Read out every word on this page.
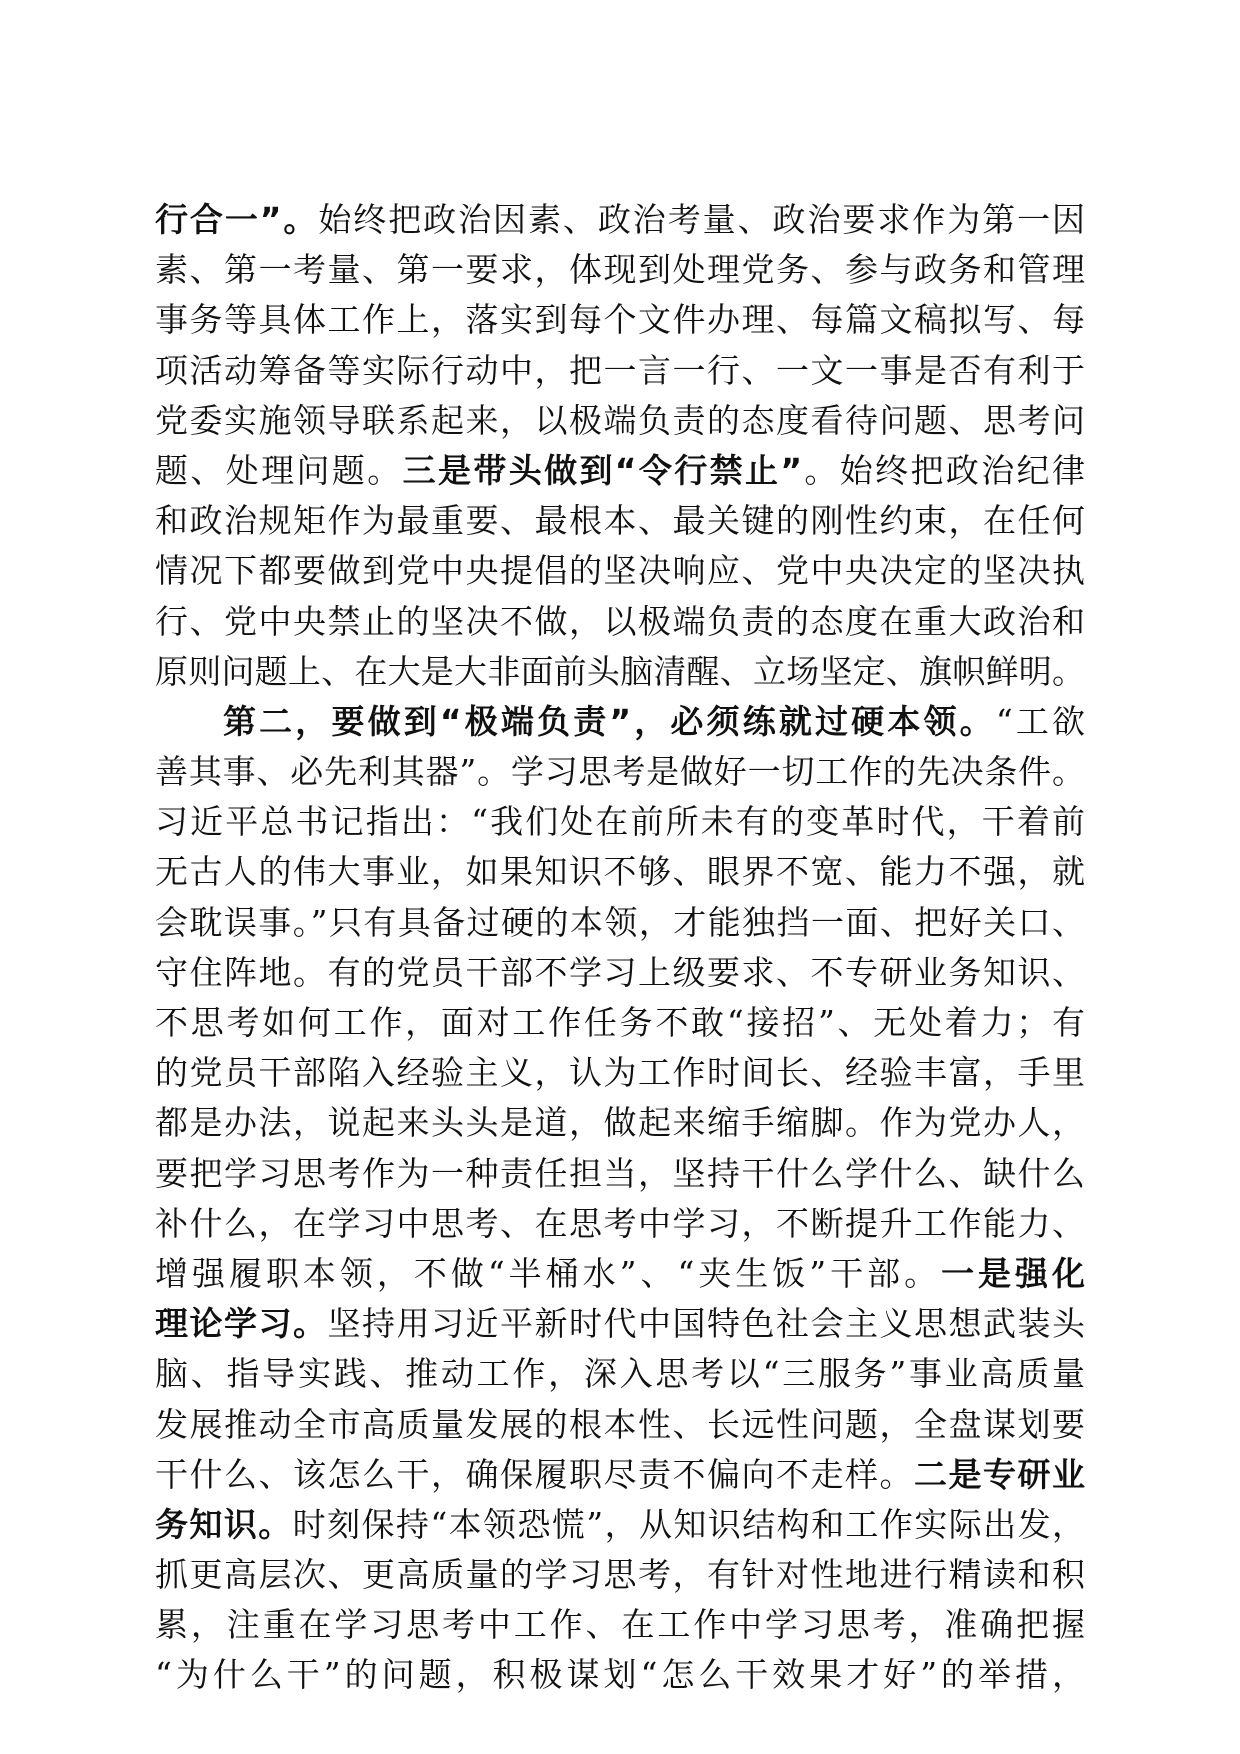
行合一”。始终把政治因素、政治考量、政治要求作为第一因
素、第一考量、第一要求，体现到处理党务、参与政务和管理
事务等具体工作上，落实到每个文件办理、每篇文稿拟写、每
项活动筹备等实际行动中，把一言一行、一文一事是否有利于
党委实施领导联系起来，以极端负责的态度看待问题、思考问
题、处理问题。三是带头做到“令行禁止”。始终把政治纪律
和政治规矩作为最重要、最根本、最关键的刚性约束，在任何
情况下都要做到党中央提倡的坚决响应、党中央决定的坚决执
行、党中央禁止的坚决不做，以极端负责的态度在重大政治和
原则问题上、在大是大非面前头脑清醒、立场坚定、旗帜鲜明。
第二，要做到“极端负责”，必须练就过硬本领。“工欲
善其事、必先利其器”。学习思考是做好一切工作的先决条件。
习近平总书记指出：“我们处在前所未有的变革时代，干着前
无古人的伟大事业，如果知识不够、眼界不宽、能力不强，就
会耽误事。”只有具备过硬的本领，才能独挡一面、把好关口、
守住阵地。有的党员干部不学习上级要求、不专研业务知识、
不思考如何工作，面对工作任务不敢“接招”、无处着力；有
的党员干部陷入经验主义，认为工作时间长、经验丰富，手里
都是办法，说起来头头是道，做起来缩手缩脚。作为党办人，
要把学习思考作为一种责任担当，坚持干什么学什么、缺什么
补什么，在学习中思考、在思考中学习，不断提升工作能力、
增强履职本领，不做“半桶水”、“夹生饭”干部。一是强化
理论学习。坚持用习近平新时代中国特色社会主义思想武装头
脑、指导实践、推动工作，深入思考以“三服务”事业高质量
发展推动全市高质量发展的根本性、长远性问题，全盘谋划要
干什么、该怎么干，确保履职尽责不偏向不走样。二是专研业
务知识。时刻保持“本领恐慌”，从知识结构和工作实际出发，
抓更高层次、更高质量的学习思考，有针对性地进行精读和积
累，注重在学习思考中工作、在工作中学习思考，准确把握
“为什么干”的问题，积极谋划“怎么干效果才好”的举措，
